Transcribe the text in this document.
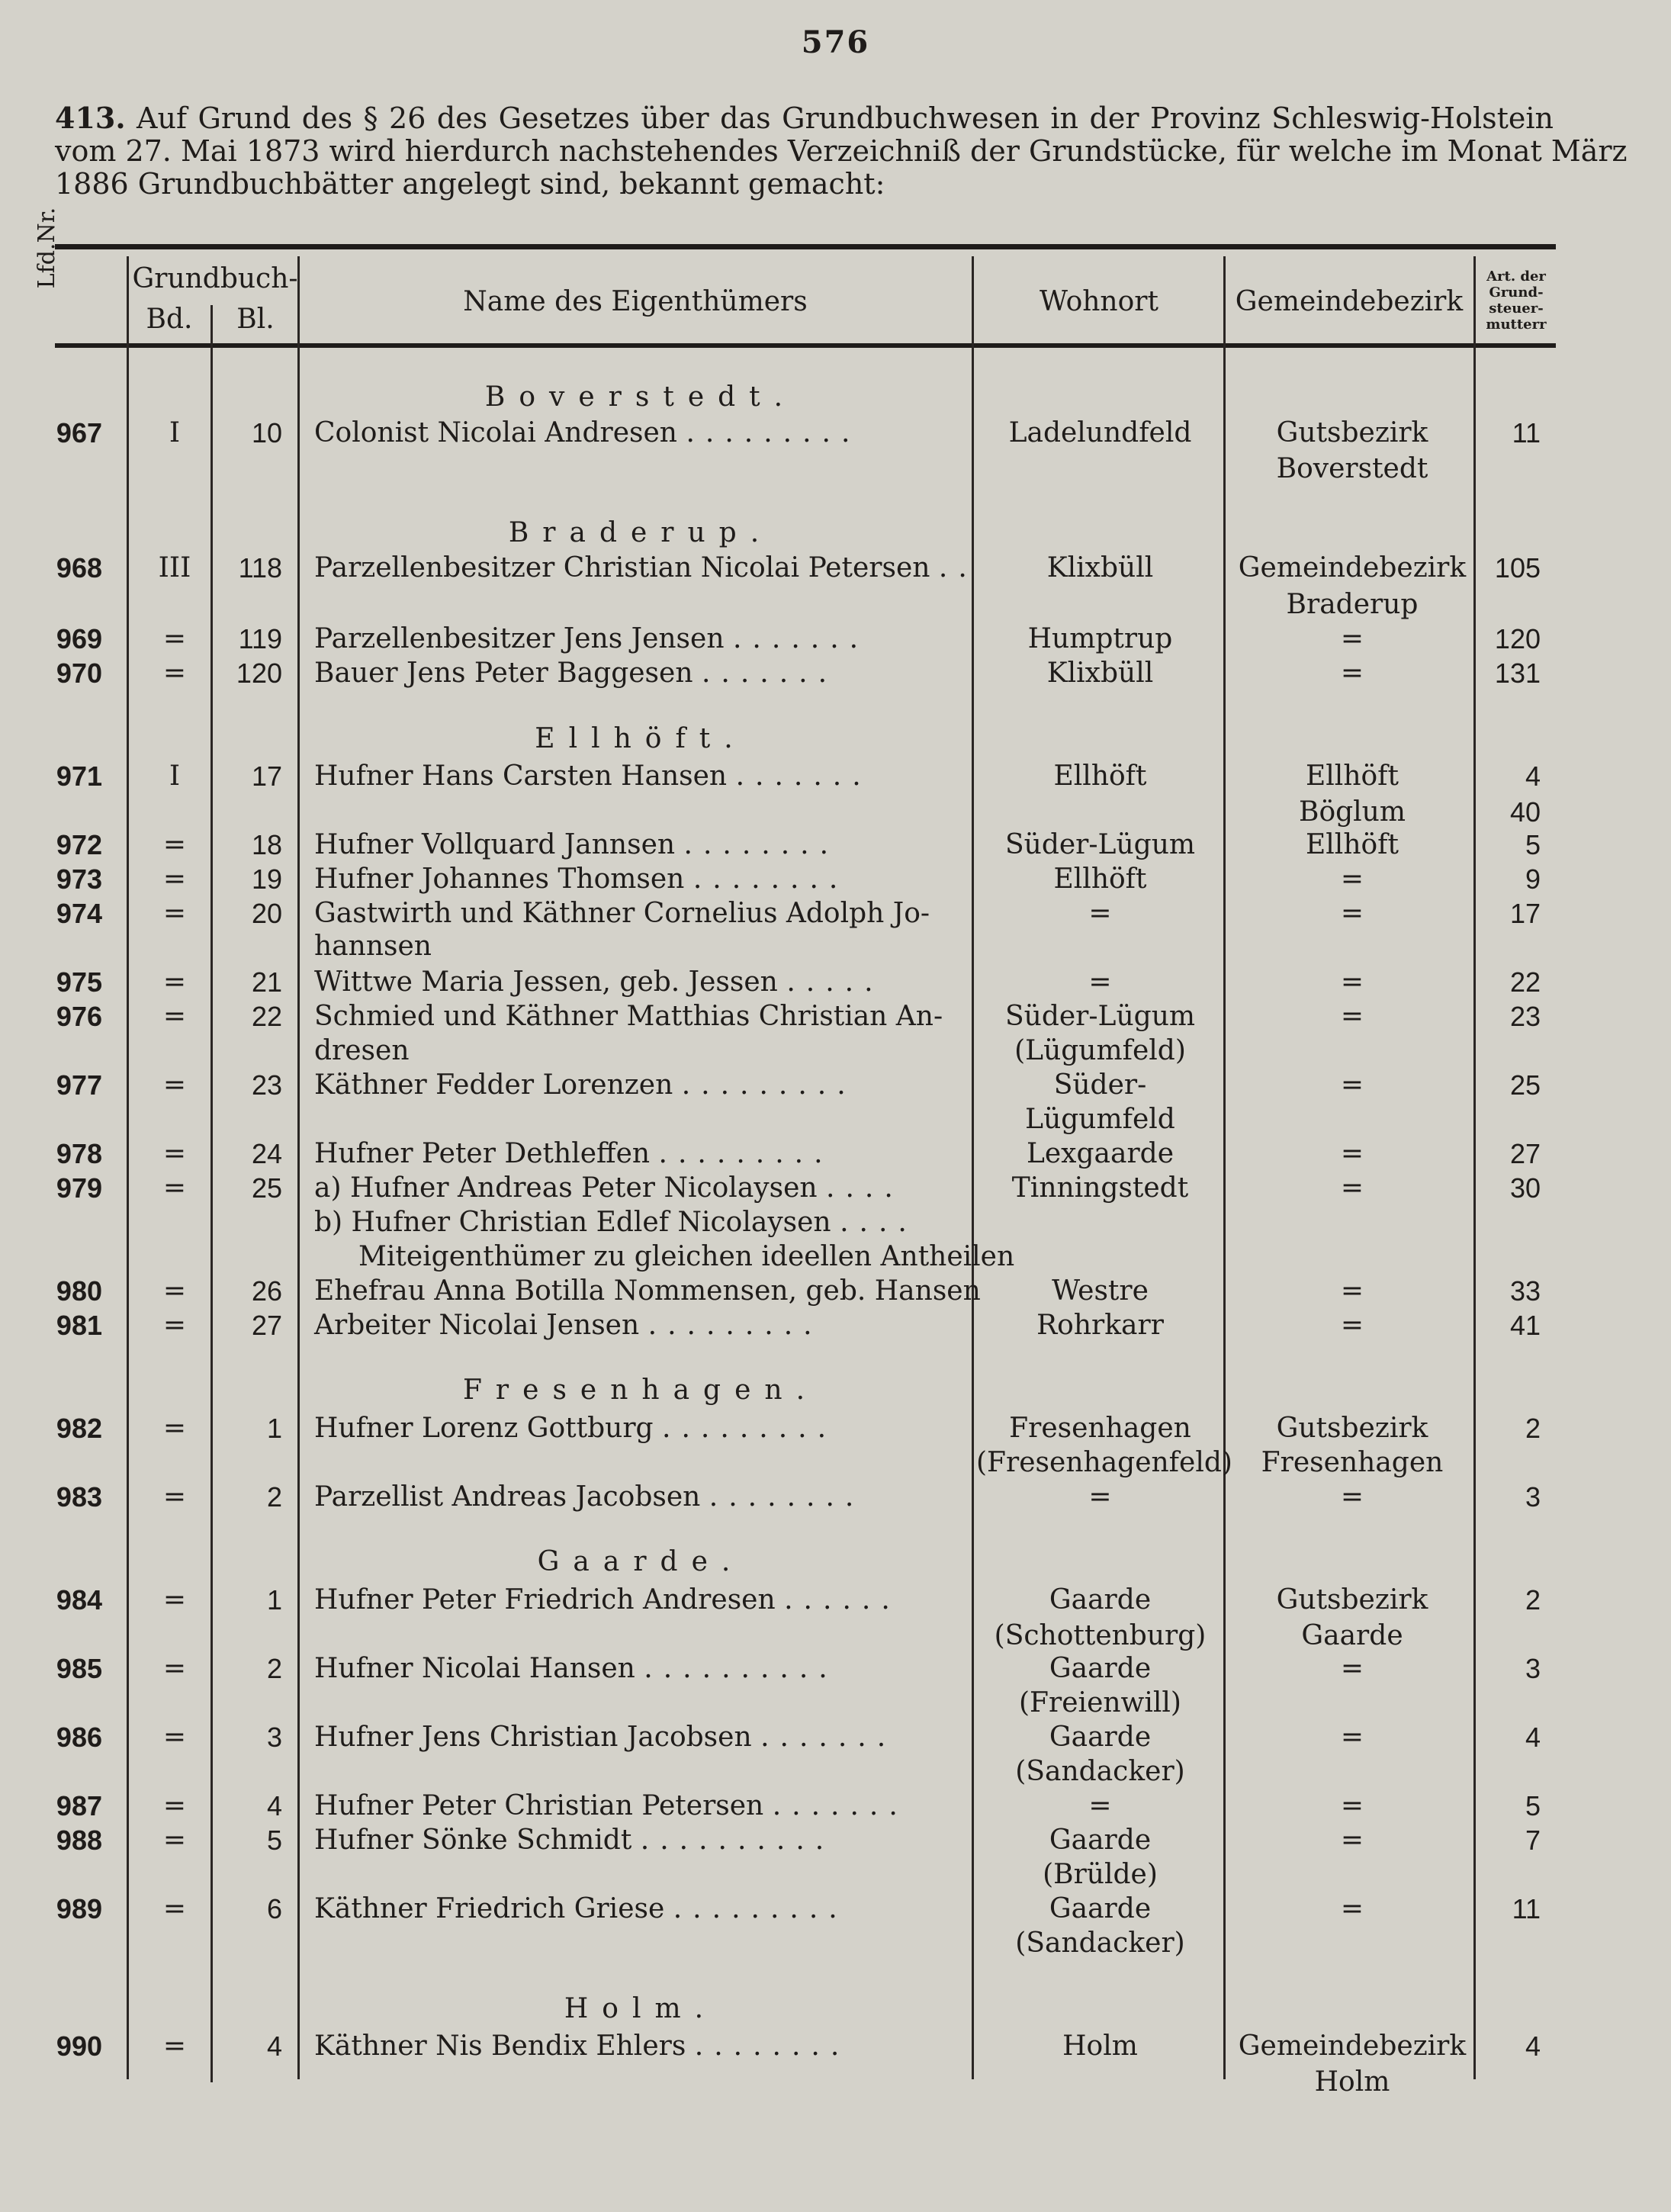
576
413. Auf Grund des § 26 des Gesetzes über das Grundbuchwesen in der Provinz Schleswig-Holstein
vom 27. Mai 1873 wird hierdurch nachstehendes Verzeichniß der Grundstücke, für welche im Monat März
1886 Grundbuchbätter angelegt sind, bekannt gemacht:
Lfd.Nr.	Grundbuch-
Bd.	Bl.
Name des Eigenthümers	Wohnort	Gemeindebezirk
Art. der
Grund-
steuer-
mutterr
Boverstedt.
Braderup.
Ellhöft.
Fresenhagen.
Gaarde.
Holm.
967	I	10 Colonist Nicolai Andresen .........	Ladelundfeld	Gutsbezirk	11
Boverstedt
968	III	118 Parzellenbesitzer Christian Nicolai Petersen ..	Klixbüll	Gemeindebezirk	105
Braderup
969	=	119 Parzellenbesitzer Jens Jensen .......	Humptrup	=	120
970	=	120 Bauer Jens Peter Baggesen .......	Klixbüll	=	131
971	I	17 Hufner Hans Carsten Hansen .......	Ellhöft	Ellhöft	4
Böglum	40
972	=	18 Hufner Vollquard Jannsen ........	Süder-Lügum	Ellhöft	5
973	=	19 Hufner Johannes Thomsen ........	Ellhöft	=	9
974	=	20 Gastwirth und Käthner Cornelius Adolph Jo-	=	=	17
hannsen
975	=	21 Wittwe Maria Jessen, geb. Jessen .....	=	=	22
976	=	22 Schmied und Käthner Matthias Christian An-	Süder-Lügum	=	23
dresen	(Lügumfeld)
977	=	23 Käthner Fedder Lorenzen .........	Süder-	=	25
Lügumfeld
978	=	24 Hufner Peter Dethleffen .........	Lexgaarde	=	27
979	=	25 a) Hufner Andreas Peter Nicolaysen ....	Tinningstedt	=	30
b) Hufner Christian Edlef Nicolaysen ....
Miteigenthümer zu gleichen ideellen Antheilen
980	=	26 Ehefrau Anna Botilla Nommensen, geb. Hansen	Westre	=	33
981	=	27 Arbeiter Nicolai Jensen .........	Rohrkarr	=	41
982	=	1 Hufner Lorenz Gottburg .........	Fresenhagen	Gutsbezirk	2
(Fresenhagenfeld)	Fresenhagen
983	=	2 Parzellist Andreas Jacobsen ........	=	=	3
984	=	1 Hufner Peter Friedrich Andresen ......	Gaarde	Gutsbezirk	2
(Schottenburg)	Gaarde
985	=	2 Hufner Nicolai Hansen ..........	Gaarde	=	3
(Freienwill)
986	=	3 Hufner Jens Christian Jacobsen .......	Gaarde	=	4
(Sandacker)
987	=	4 Hufner Peter Christian Petersen .......	=	=	5
988	=	5 Hufner Sönke Schmidt ..........	Gaarde	=	7
(Brülde)
989	=	6 Käthner Friedrich Griese .........	Gaarde	=	11
(Sandacker)
990	=	4 Käthner Nis Bendix Ehlers ........	Holm	Gemeindebezirk	4
Holm
